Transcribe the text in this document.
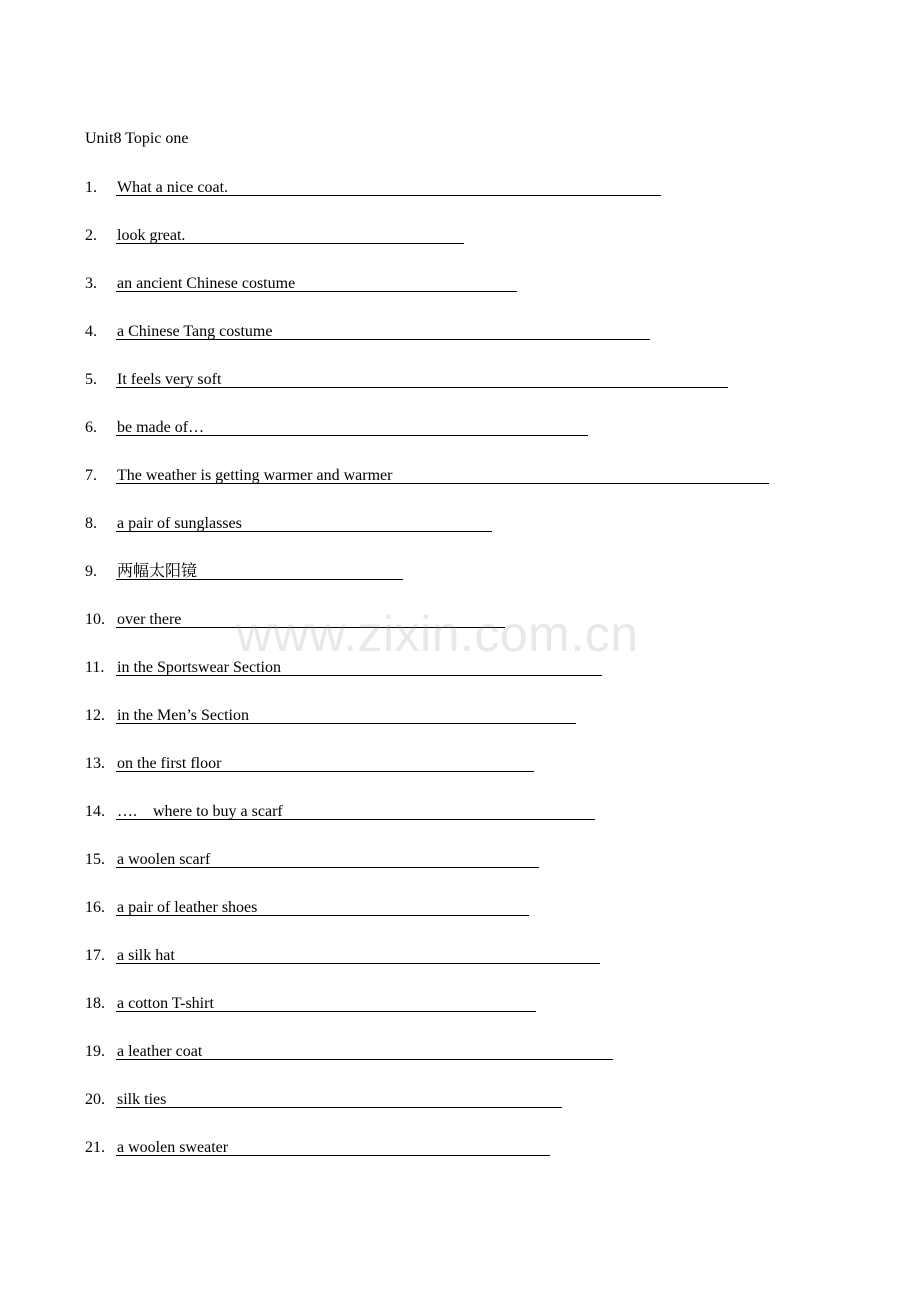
Unit8 Topic one
1. What a nice coat.
2. look great.
3. an ancient Chinese costume
4. a Chinese Tang costume
5. It feels very soft
6. be made of…
7. The weather is getting warmer and warmer
8. a pair of sunglasses
9. 两幅太阳镜
10. over there
11. in the Sportswear Section
12. in the Men’s Section
13. on the first floor
14. ….    where to buy a scarf
15. a woolen scarf
16. a pair of leather shoes
17. a silk hat
18. a cotton T-shirt
19. a leather coat
20. silk ties
21. a woolen sweater
www.zixin.com.cn
